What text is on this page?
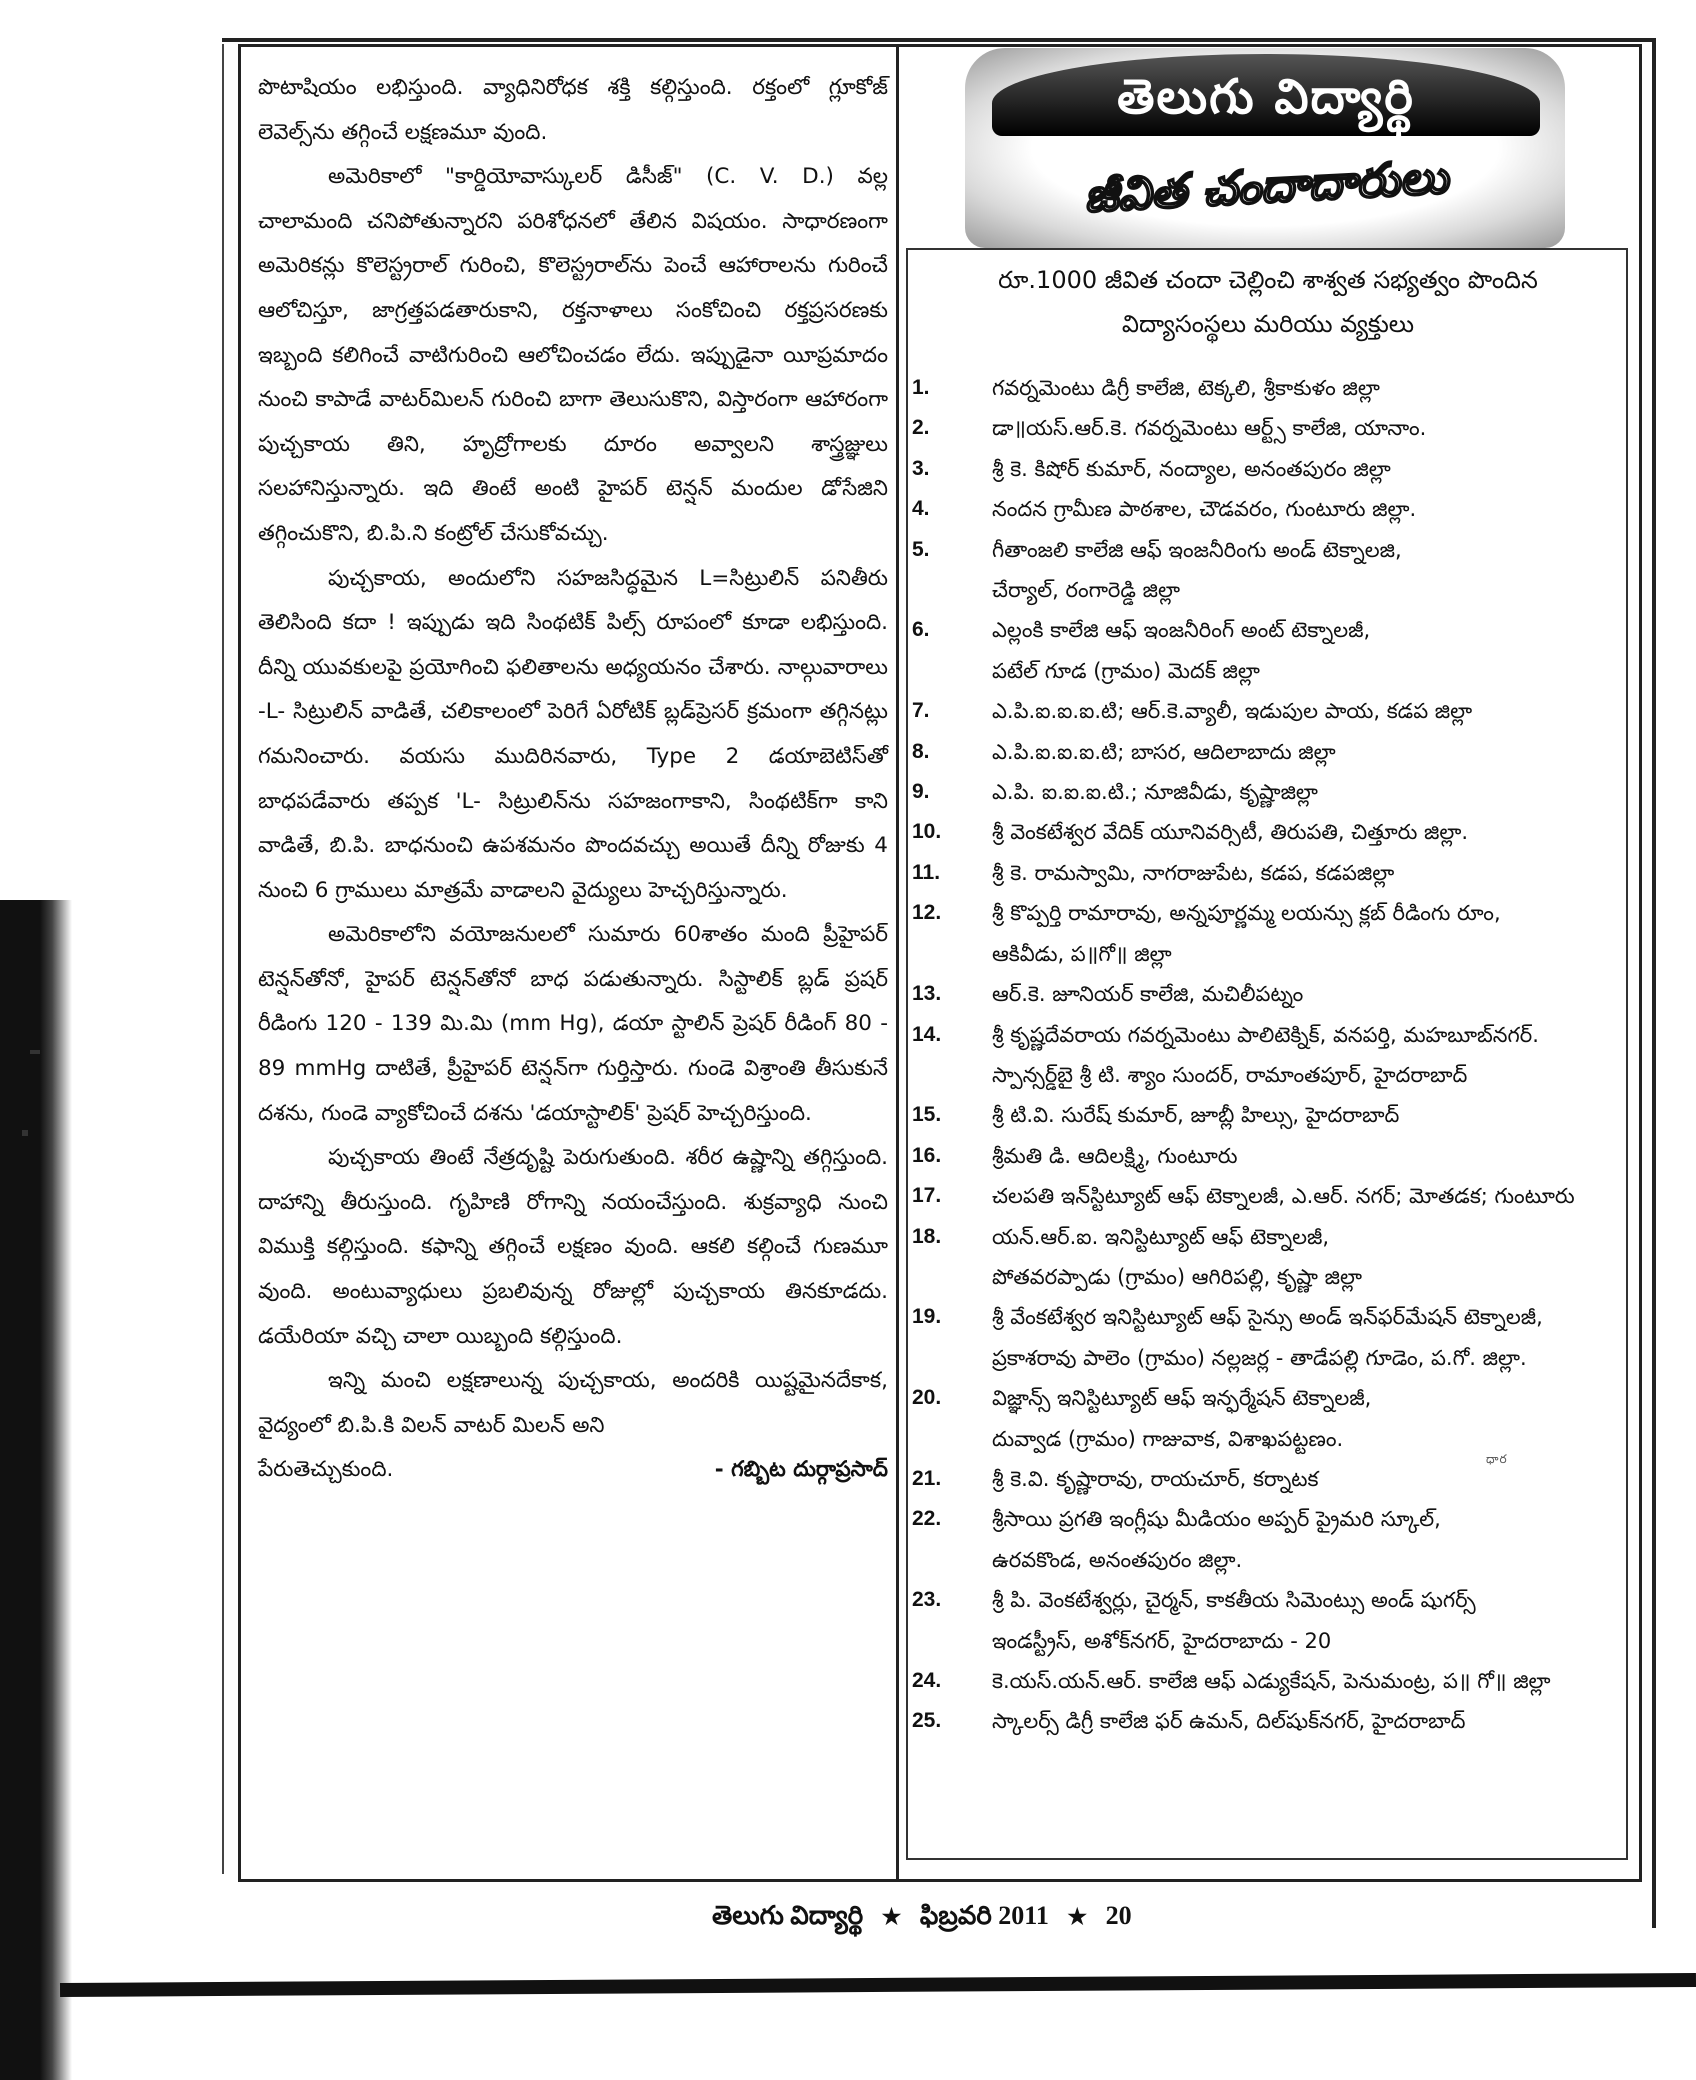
పొటాషియం లభిస్తుంది. వ్యాధినిరోధక శక్తి కల్గిస్తుంది. రక్తంలో గ్లూకోజ్ లెవెల్స్‌ను తగ్గించే లక్షణమూ వుంది.

అమెరికాలో "కార్డియోవాస్కులర్ డిసీజ్" (C. V. D.) వల్ల చాలామంది చనిపోతున్నారని పరిశోధనలో తేలిన విషయం. సాధారణంగా అమెరికన్లు కొలెస్ట్రరాల్ గురించి, కొలెస్ట్రరాల్‌ను పెంచే ఆహారాలను గురించే ఆలోచిస్తూ, జాగ్రత్తపడతారుకాని, రక్తనాళాలు సంకోచించి రక్తప్రసరణకు ఇబ్బంది కలిగించే వాటిగురించి ఆలోచించడం లేదు. ఇప్పుడైనా యీప్రమాదం నుంచి కాపాడే వాటర్‌మిలన్ గురించి బాగా తెలుసుకొని, విస్తారంగా ఆహారంగా పుచ్చకాయ తిని, హృద్రోగాలకు దూరం అవ్వాలని శాస్త్రజ్ఞులు సలహానిస్తున్నారు. ఇది తింటే అంటి హైపర్ టెన్షన్ మందుల డోసేజిని తగ్గించుకొని, బి.పి.ని కంట్రోల్ చేసుకోవచ్చు.

పుచ్చకాయ, అందులోని సహజసిద్ధమైన L=సిట్రులిన్ పనితీరు తెలిసింది కదా ! ఇప్పుడు ఇది సింథటిక్ పిల్స్ రూపంలో కూడా లభిస్తుంది. దీన్ని యువకులపై ప్రయోగించి ఫలితాలను అధ్యయనం చేశారు. నాల్గువారాలు -L- సిట్రులిన్ వాడితే, చలికాలంలో పెరిగే ఏరోటిక్ బ్లడ్‌ప్రెసర్ క్రమంగా తగ్గినట్లు గమనించారు. వయసు ముదిరినవారు, Type 2 డయాబెటిస్‌తో బాధపడేవారు తప్పక 'L- సిట్రులిన్‌ను సహజంగాకాని, సింథటిక్‌గా కాని వాడితే, బి.పి. బాధనుంచి ఉపశమనం పొందవచ్చు అయితే దీన్ని రోజుకు 4 నుంచి 6 గ్రాములు మాత్రమే వాడాలని వైద్యులు హెచ్చరిస్తున్నారు.

అమెరికాలోని వయోజనులలో సుమారు 60శాతం మంది ప్రీహైపర్ టెన్షన్‌తోనో, హైపర్ టెన్షన్‌తోనో బాధ పడుతున్నారు. సిస్టాలిక్ బ్లడ్ ప్రషర్ రీడింగు 120 - 139 మి.మి (mm Hg), డయా స్టాలిన్ ప్రెషర్ రీడింగ్ 80 - 89 mmHg దాటితే, ప్రీహైపర్ టెన్షన్‌గా గుర్తిస్తారు. గుండె విశ్రాంతి తీసుకునే దశను, గుండె వ్యాకోచించే దశను 'డయాస్టాలిక్' ప్రెషర్ హెచ్చరిస్తుంది.

పుచ్చకాయ తింటే నేత్రదృష్టి పెరుగుతుంది. శరీర ఉష్ణాన్ని తగ్గిస్తుంది. దాహాన్ని తీరుస్తుంది. గృహిణి రోగాన్ని నయంచేస్తుంది. శుక్రవ్యాధి నుంచి విముక్తి కల్గిస్తుంది. కఫాన్ని తగ్గించే లక్షణం వుంది. ఆకలి కల్గించే గుణమూ వుంది. అంటువ్యాధులు ప్రబలివున్న రోజుల్లో పుచ్చకాయ తినకూడదు. డయేరియా వచ్చి చాలా యిబ్బంది కల్గిస్తుంది.

ఇన్ని మంచి లక్షణాలున్న పుచ్చకాయ, అందరికి యిష్టమైనదేకాక, వైద్యంలో బి.పి.కి విలన్ వాటర్ మిలన్ అని

పేరుతెచ్చుకుంది.	- గబ్బిట దుర్గాప్రసాద్

తెలుగు విద్యార్థి
జీవిత చందాదారులు
రూ.1000 జీవిత చందా చెల్లించి శాశ్వత సభ్యత్వం పొందిన
విద్యాసంస్థలు మరియు వ్యక్తులు
1.	గవర్నమెంటు డిగ్రీ కాలేజి, టెక్కలి, శ్రీకాకుళం జిల్లా
2.	డా॥యస్.ఆర్.కె. గవర్నమెంటు ఆర్ట్స్ కాలేజి, యానాం.
3.	శ్రీ కె. కిషోర్ కుమార్, నంద్యాల, అనంతపురం జిల్లా
4.	నందన గ్రామీణ పాఠశాల, చౌడవరం, గుంటూరు జిల్లా.
5.	గీతాంజలి కాలేజి ఆఫ్ ఇంజనీరింగు అండ్ టెక్నాలజి,
చేర్యాల్, రంగారెడ్డి జిల్లా
6.	ఎల్లంకి కాలేజి ఆఫ్ ఇంజనీరింగ్ అంట్ టెక్నాలజీ,
పటేల్ గూడ (గ్రామం) మెదక్ జిల్లా
7.	ఎ.పి.ఐ.ఐ.ఐ.టి; ఆర్.కె.వ్యాలీ, ఇడుపుల పాయ, కడప జిల్లా
8.	ఎ.పి.ఐ.ఐ.ఐ.టి; బాసర, ఆదిలాబాదు జిల్లా
9.	ఎ.పి. ఐ.ఐ.ఐ.టి.; నూజివీడు, కృష్ణాజిల్లా
10.	శ్రీ వెంకటేశ్వర వేదిక్ యూనివర్సిటీ, తిరుపతి, చిత్తూరు జిల్లా.
11.	శ్రీ కె. రామస్వామి, నాగరాజుపేట, కడప, కడపజిల్లా
12.	శ్రీ కొప్పర్తి రామారావు, అన్నపూర్ణమ్మ లయన్సు క్లబ్ రీడింగు రూం,
ఆకివీడు, ప॥గో॥ జిల్లా
13.	ఆర్.కె. జూనియర్ కాలేజి, మచిలీపట్నం
14.	శ్రీ కృష్ణదేవరాయ గవర్నమెంటు పాలిటెక్నిక్, వనపర్తి, మహబూబ్‌నగర్.
స్పాన్సర్డ్‌బై శ్రీ టి. శ్యాం సుందర్, రామాంతపూర్, హైదరాబాద్
15.	శ్రీ టి.వి. సురేష్ కుమార్, జూబ్లీ హిల్సు, హైదరాబాద్
16.	శ్రీమతి డి. ఆదిలక్ష్మి, గుంటూరు
17.	చలపతి ఇన్‌స్టిట్యూట్ ఆఫ్ టెక్నాలజీ, ఎ.ఆర్. నగర్; మోతడక; గుంటూరు
18.	యన్.ఆర్.ఐ. ఇనిస్టిట్యూట్ ఆఫ్ టెక్నాలజీ,
పోతవరప్పాడు (గ్రామం) ఆగిరిపల్లి, కృష్ణా జిల్లా
19.	శ్రీ వేంకటేశ్వర ఇనిస్టిట్యూట్ ఆఫ్ సైన్సు అండ్ ఇన్‌ఫర్‌మేషన్ టెక్నాలజీ,
ప్రకాశరావు పాలెం (గ్రామం) నల్లజర్ల - తాడేపల్లి గూడెం, ప.గో. జిల్లా.
20.	విజ్ఞాన్స్ ఇనిస్టిట్యూట్ ఆఫ్ ఇన్ఫర్మేషన్ టెక్నాలజీ,
దువ్వాడ (గ్రామం) గాజువాక, విశాఖపట్టణం.
21.	శ్రీ కె.వి. కృష్ణారావు, రాయచూర్, కర్నాటక
22.	శ్రీసాయి ప్రగతి ఇంగ్లీషు మీడియం అప్పర్ ప్రైమరి స్కూల్,
ఉరవకొండ, అనంతపురం జిల్లా.
23.	శ్రీ పి. వెంకటేశ్వర్లు, చైర్మన్, కాకతీయ సిమెంట్సు అండ్ షుగర్స్
ఇండస్ట్రీస్, అశోక్‌నగర్, హైదరాబాదు - 20
24.	కె.యస్.యన్.ఆర్. కాలేజి ఆఫ్ ఎడ్యుకేషన్, పెనుమంట్ర, ప॥ గో॥ జిల్లా
25.	స్కాలర్స్ డిగ్రీ కాలేజి ఫర్ ఉమన్, దిల్‌షుక్‌నగర్, హైదరాబాద్
ధార
తెలుగు విద్యార్థి ★ ఫిబ్రవరి 2011 ★ 20
